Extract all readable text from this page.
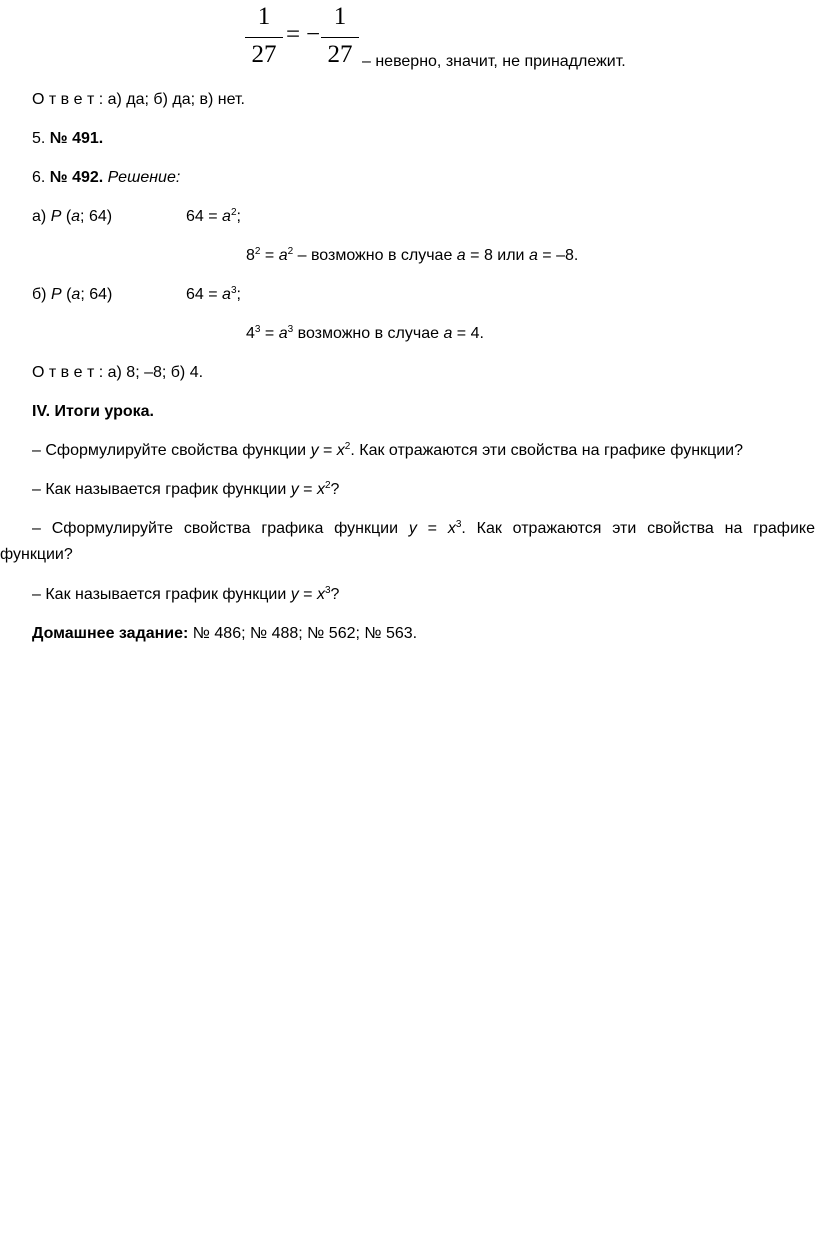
1
27
= −
1
27 – неверно, значит, не принадлежит.
О т в е т : а) да; б) да; в) нет.
5. № 491.
6. № 492. Решение:
а) P (a; 64)	$64 = a^2$;
$8^2 = a^2$ – возможно в случае a = 8 или a = –8.
б) P (a; 64)	$64 = a^3$;
$4^3 = a^3$ возможно в случае a = 4.
О т в е т : а) 8; –8; б) 4.
IV. Итоги урока.
– Сформулируйте свойства функции $y = x^2$. Как отражаются эти свойства на графике функции?
– Как называется график функции $y = x^2$?
– Сформулируйте свойства графика функции $y = x^3$. Как отражаются эти свойства на графике
функции?
– Как называется график функции $y = x^3$?
Домашнее задание: № 486; № 488; № 562; № 563.
